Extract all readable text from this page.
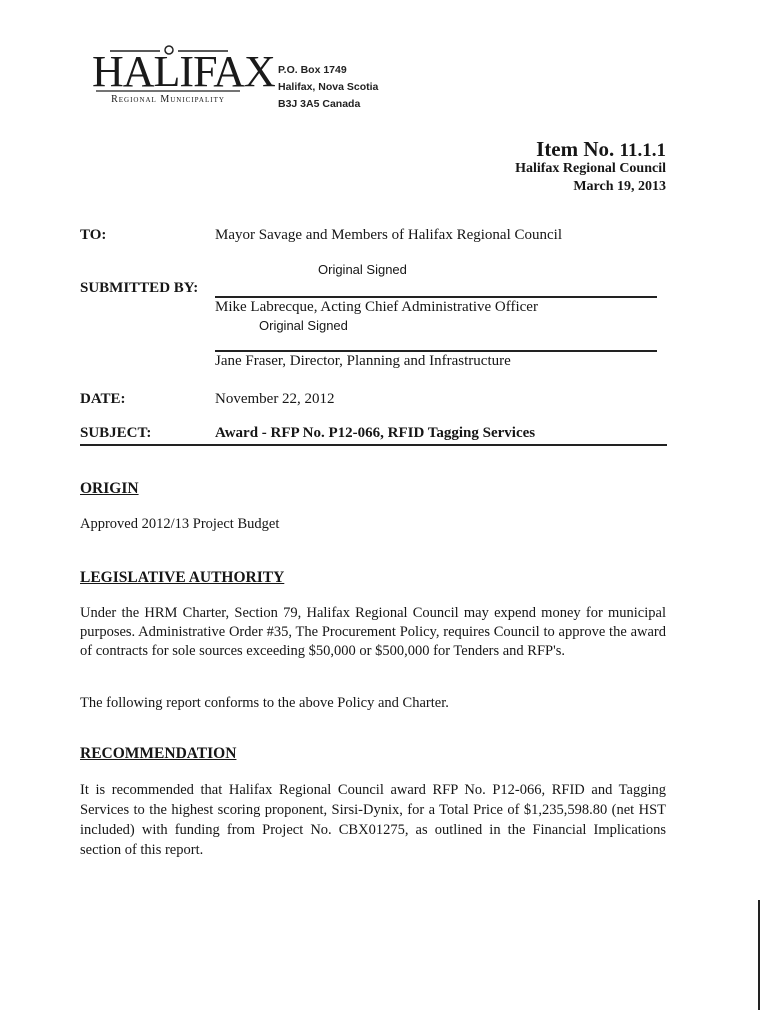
HALIFAX
Regional Municipality
P.O. Box 1749
Halifax, Nova Scotia
B3J 3A5 Canada
Item No. 11.1.1
Halifax Regional Council
March 19, 2013
TO:	Mayor Savage and Members of Halifax Regional Council
Original Signed
SUBMITTED BY:
Mike Labrecque, Acting Chief Administrative Officer
Original Signed
Jane Fraser, Director, Planning and Infrastructure
DATE:	November 22, 2012
SUBJECT:	Award - RFP No. P12-066, RFID Tagging Services
ORIGIN
Approved 2012/13 Project Budget
LEGISLATIVE AUTHORITY
Under the HRM Charter, Section 79, Halifax Regional Council may expend money for municipal purposes. Administrative Order #35, The Procurement Policy, requires Council to approve the award of contracts for sole sources exceeding $50,000 or $500,000 for Tenders and RFP's.
The following report conforms to the above Policy and Charter.
RECOMMENDATION
It is recommended that Halifax Regional Council award RFP No. P12-066, RFID and Tagging Services to the highest scoring proponent, Sirsi-Dynix, for a Total Price of $1,235,598.80 (net HST included) with funding from Project No. CBX01275, as outlined in the Financial Implications section of this report.
